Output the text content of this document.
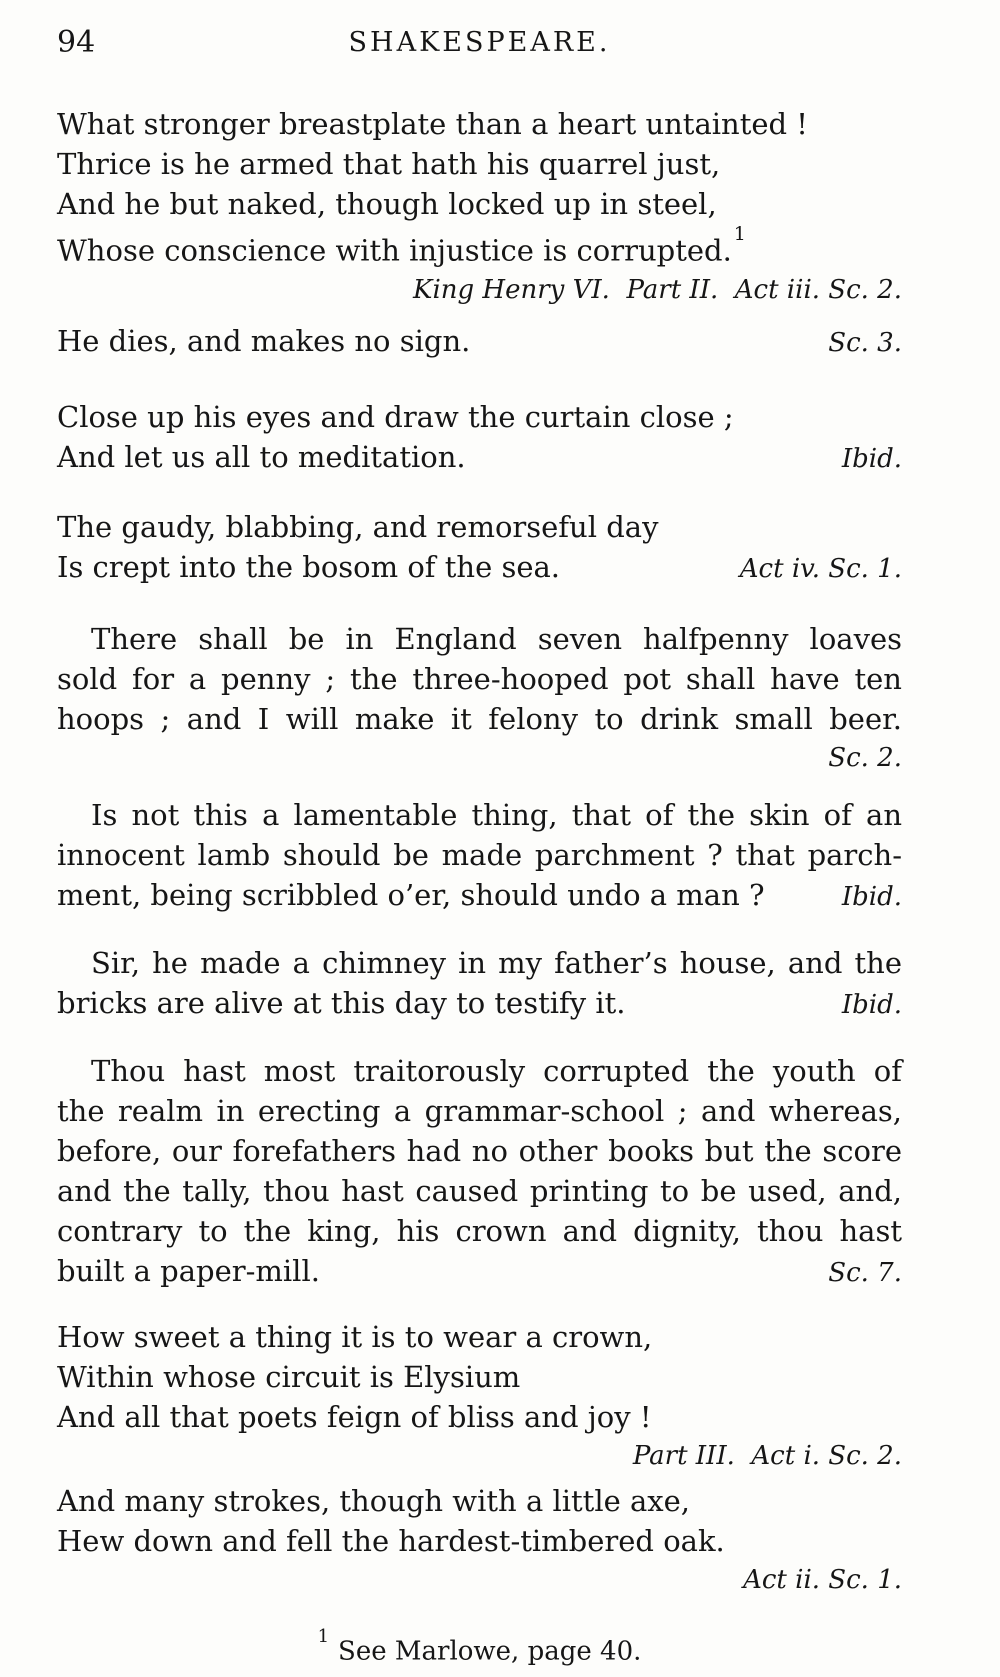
94	SHAKESPEARE.
What stronger breastplate than a heart untainted !
Thrice is he armed that hath his quarrel just,
And he but naked, though locked up in steel,
Whose conscience with injustice is corrupted. $^1$
King Henry VI.  Part II.  Act iii. Sc. 2.
He dies, and makes no sign.	Sc. 3.
Close up his eyes and draw the curtain close ;
And let us all to meditation.	Ibid.
The gaudy, blabbing, and remorseful day
Is crept into the bosom of the sea.	Act iv. Sc. 1.
There shall be in England seven halfpenny loaves
sold for a penny ; the three-hooped pot shall have ten
hoops ; and I will make it felony to drink small beer.
Sc. 2.
Is not this a lamentable thing, that of the skin of an
innocent lamb should be made parchment ? that parch-
ment, being scribbled o’er, should undo a man ?	Ibid.
Sir, he made a chimney in my father’s house, and the
bricks are alive at this day to testify it.	Ibid.
Thou hast most traitorously corrupted the youth of
the realm in erecting a grammar-school ; and whereas,
before, our forefathers had no other books but the score
and the tally, thou hast caused printing to be used, and,
contrary to the king, his crown and dignity, thou hast
built a paper-mill.	Sc. 7.
How sweet a thing it is to wear a crown,
Within whose circuit is Elysium
And all that poets feign of bliss and joy !
Part III.  Act i. Sc. 2.
And many strokes, though with a little axe,
Hew down and fell the hardest-timbered oak.
Act ii. Sc. 1.
$^1$See Marlowe, page 40.
